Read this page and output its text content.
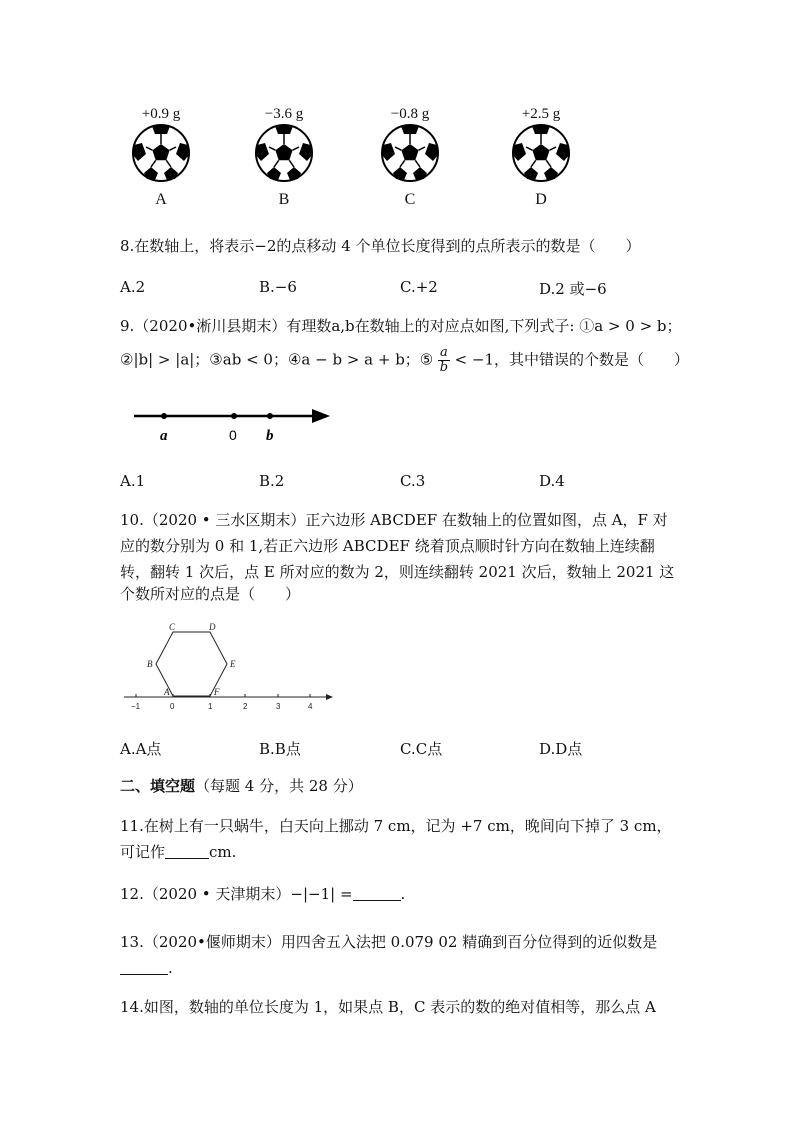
+0.9 g
A
−3.6 g
B
−0.8 g
C
+2.5 g
D
8.在数轴上，将表示−2的点移动 4 个单位长度得到的点所表示的数是（　　）
A.2	B.−6	C.+2	D.2 或−6
9.（2020•淅川县期末）有理数a,b在数轴上的对应点如图,下列式子: ①a > 0 > b；
②|b| > |a|；③ab < 0；④a − b > a + b；⑤ $\frac{a}{b} < -1$，其中错误的个数是（　　）
a	0 b
A.1	B.2	C.3	D.4
10.（2020 • 三水区期末）正六边形 ABCDEF 在数轴上的位置如图，点 A，F 对
应的数分别为 0 和 1,若正六边形 ABCDEF 绕着顶点顺时针方向在数轴上连续翻
转，翻转 1 次后，点 E 所对应的数为 2，则连续翻转 2021 次后，数轴上 2021 这
个数所对应的点是（　　）
C	D
B	E
A	F
−1	0	1	2	3	4
A.A点	B.B点	C.C点	D.D点
二、填空题（每题 4 分，共 28 分）
11.在树上有一只蜗牛，白天向上挪动 7 cm，记为 +7 cm，晚间向下掉了 3 cm，
可记作	cm.
12.（2020 • 天津期末）−|−1| =	.
13.（2020•偃师期末）用四舍五入法把 0.079 02 精确到百分位得到的近似数是
.
14.如图，数轴的单位长度为 1，如果点 B，C 表示的数的绝对值相等，那么点 A
